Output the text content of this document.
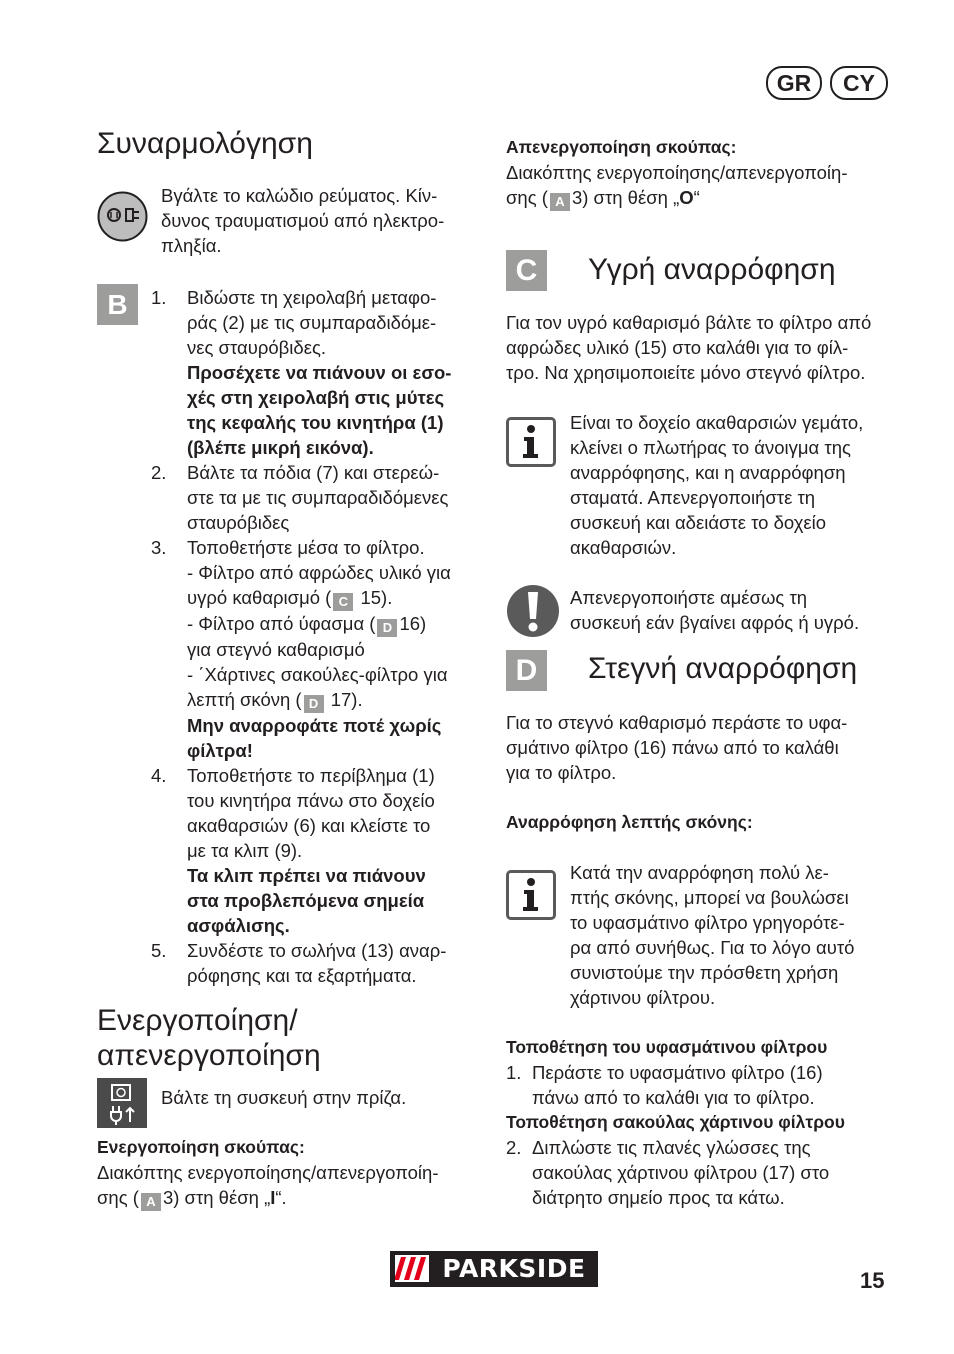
GR	CY
Συναρμολόγηση
Βγάλτε το καλώδιο ρεύματος. Κίν-
δυνος τραυματισμού από ηλεκτρο-
πληξία.
B	1. Βιδώστε τη χειρολαβή μεταφο-
ράς (2) με τις συμπαραδιδόμε-
νες σταυρόβιδες.
Προσέχετε να πιάνουν οι εσο-
χές στη χειρολαβή στις μύτες
της κεφαλής του κινητήρα (1)
(βλέπε μικρή εικόνα).
2. Βάλτε τα πόδια (7) και στερεώ-
στε τα με τις συμπαραδιδόμενες
σταυρόβιδες
3. Τοποθετήστε μέσα το φίλτρο.
- Φίλτρο από αφρώδες υλικό για
υγρό καθαρισμό ( C 15).
- Φίλτρο από ύφασμα ( D 16)
για στεγνό καθαρισμό
- ΄Χάρτινες σακούλες-φίλτρο για
λεπτή σκόνη ( D 17).
Μην αναρροφάτε ποτέ χωρίς
φίλτρα!
4. Τοποθετήστε το περίβλημα (1)
του κινητήρα πάνω στο δοχείο
ακαθαρσιών (6) και κλείστε το
με τα κλιπ (9).
Τα κλιπ πρέπει να πιάνουν
στα προβλεπόμενα σημεία
ασφάλισης.
5. Συνδέστε το σωλήνα (13) αναρ-
ρόφησης και τα εξαρτήματα.
Ενεργοποίηση/
απενεργοποίηση
Βάλτε τη συσκευή στην πρίζα.
Ενεργοποίηση σκούπας:
Διακόπτης ενεργοποίησης/απενεργοποίη-
σης ( A 3) στη θέση „I“.
Απενεργοποίηση σκούπας:
Διακόπτης ενεργοποίησης/απενεργοποίη-
σης ( A 3) στη θέση „O“
C	Υγρή αναρρόφηση
Για τον υγρό καθαρισμό βάλτε το φίλτρο από
αφρώδες υλικό (15) στο καλάθι για το φίλ-
τρο. Να χρησιμοποιείτε μόνο στεγνό φίλτρο.
Είναι το δοχείο ακαθαρσιών γεμάτο,
κλείνει ο πλωτήρας το άνοιγμα της
αναρρόφησης, και η αναρρόφηση
σταματά. Απενεργοποιήστε τη
συσκευή και αδειάστε το δοχείο
ακαθαρσιών.
Απενεργοποιήστε αμέσως τη
συσκευή εάν βγαίνει αφρός ή υγρό.
D	Στεγνή αναρρόφηση
Για το στεγνό καθαρισμό περάστε το υφα-
σμάτινο φίλτρο (16) πάνω από το καλάθι
για το φίλτρο.
Αναρρόφηση λεπτής σκόνης:
Κατά την αναρρόφηση πολύ λε-
πτής σκόνης, μπορεί να βουλώσει
το υφασμάτινο φίλτρο γρηγορότε-
ρα από συνήθως. Για το λόγο αυτό
συνιστούμε την πρόσθετη χρήση
χάρτινου φίλτρου.
Τοποθέτηση του υφασμάτινου φίλτρου
1. Περάστε το υφασμάτινο φίλτρο (16)
πάνω από το καλάθι για το φίλτρο.
Τοποθέτηση σακούλας χάρτινου φίλτρου
2. Διπλώστε τις πλανές γλώσσες της
σακούλας χάρτινου φίλτρου (17) στο
διάτρητο σημείο προς τα κάτω.
PARKSIDE	15
